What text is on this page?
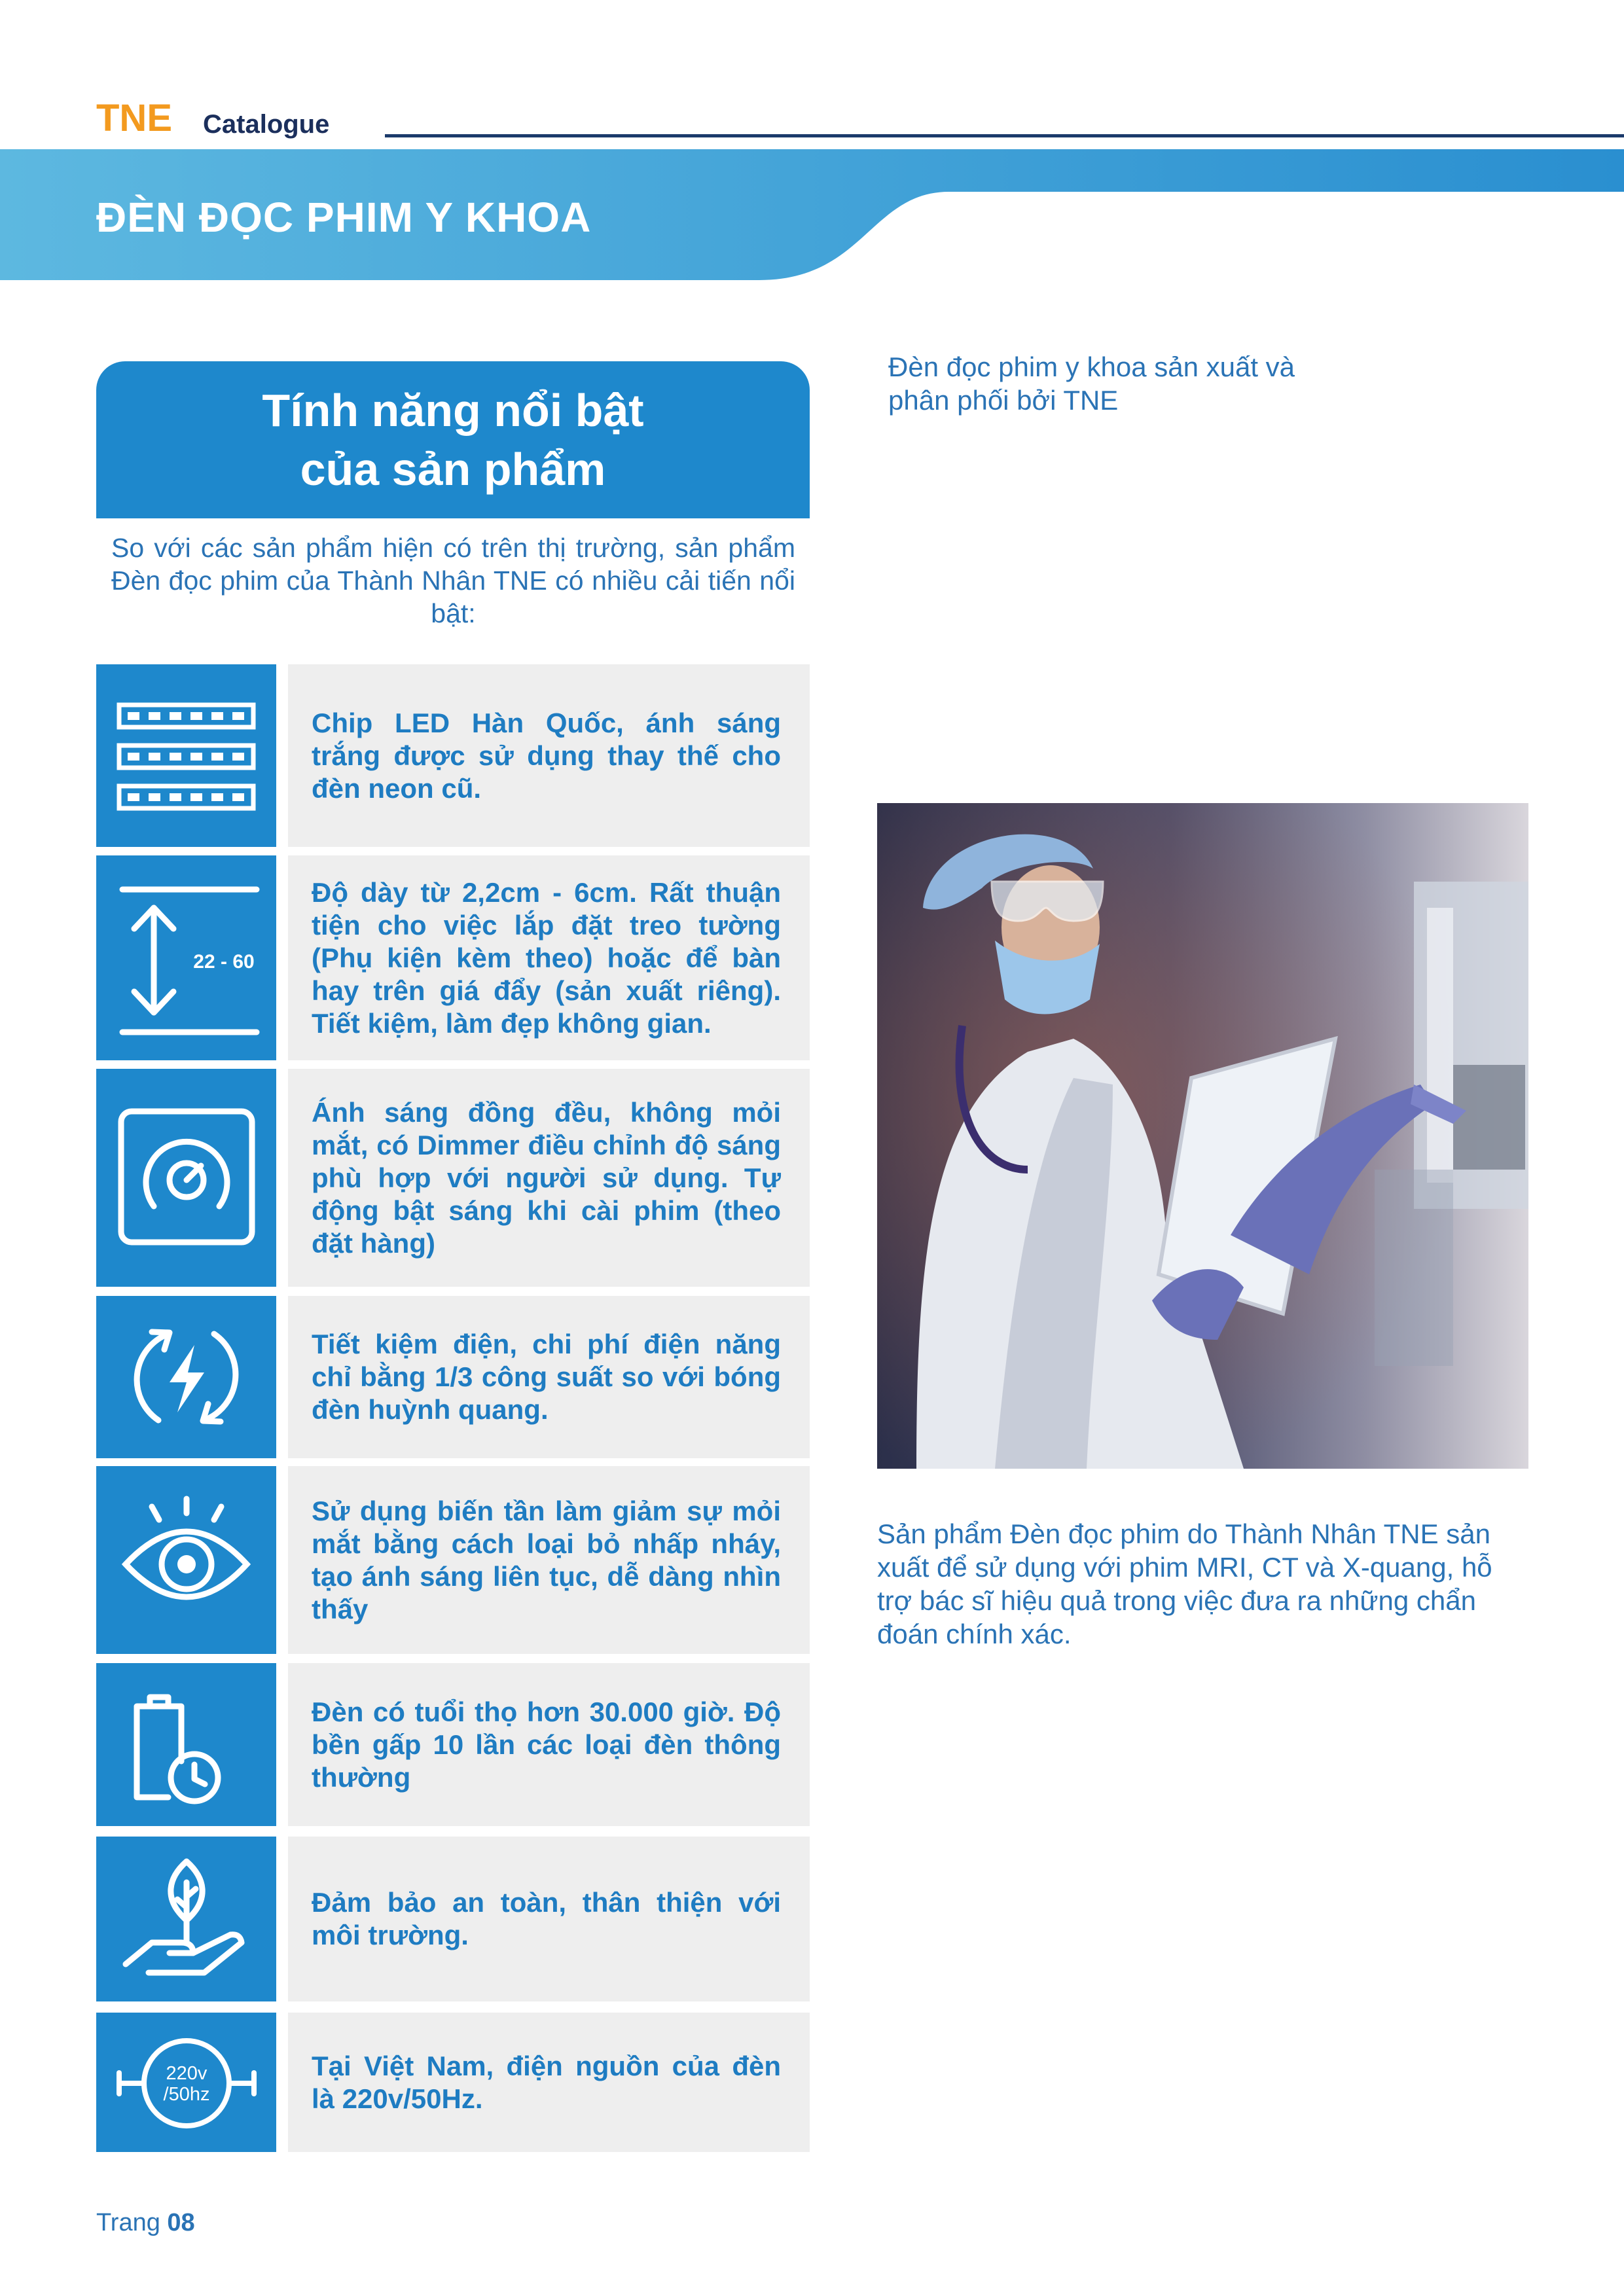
TNE Catalogue
ĐÈN ĐỌC PHIM Y KHOA
Tính năng nổi bật
của sản phẩm
So với các sản phẩm hiện có trên thị trường, sản phẩm Đèn đọc phim của Thành Nhân TNE có nhiều cải tiến nổi bật:

Chip LED Hàn Quốc, ánh sáng trắng được sử dụng thay thế cho đèn neon cũ.

22 - 60

Độ dày từ 2,2cm - 6cm. Rất thuận tiện cho việc lắp đặt treo tường (Phụ kiện kèm theo) hoặc để bàn hay trên giá đẩy (sản xuất riêng). Tiết kiệm, làm đẹp không gian.

Ánh sáng đồng đều, không mỏi mắt, có Dimmer điều chỉnh độ sáng phù hợp với người sử dụng. Tự động bật sáng khi cài phim (theo đặt hàng)

Tiết kiệm điện, chi phí điện năng chỉ bằng 1/3 công suất so với bóng đèn huỳnh quang.

Sử dụng biến tần làm giảm sự mỏi mắt bằng cách loại bỏ nhấp nháy, tạo ánh sáng liên tục, dễ dàng nhìn thấy

Đèn có tuổi thọ hơn 30.000 giờ. Độ bền gấp 10 lần các loại đèn thông thường

Đảm bảo an toàn, thân thiện với môi trường.

220v
/50hz

Tại Việt Nam, điện nguồn của đèn là 220v/50Hz.

Đèn đọc phim y khoa sản xuất và phân phối bởi TNE
Sản phẩm Đèn đọc phim do Thành Nhân TNE sản xuất để sử dụng với phim MRI, CT và X-quang, hỗ trợ bác sĩ hiệu quả trong việc đưa ra những chẩn đoán chính xác.
Trang 08
